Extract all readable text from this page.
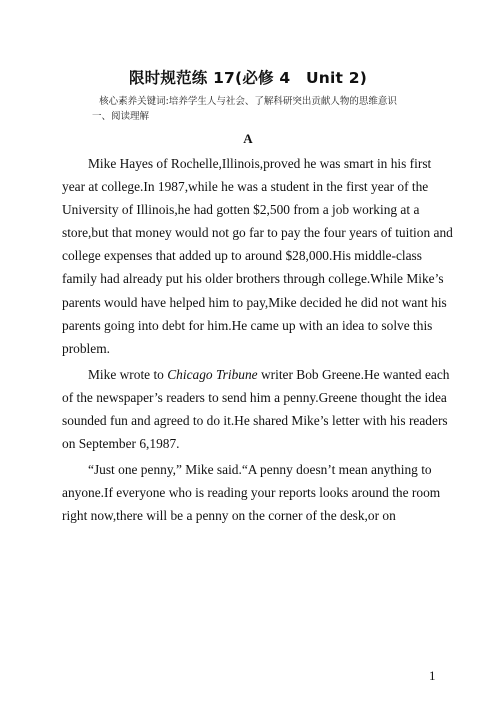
限时规范练 17(必修 4　Unit 2)
核心素养关键词:培养学生人与社会、了解科研突出贡献人物的思维意识
一、阅读理解
A

Mike Hayes of Rochelle,Illinois,proved he was smart in his first year at college.In 1987,while he was a student in the first year of the University of Illinois,he had gotten $2,500 from a job working at a store,but that money would not go far to pay the four years of tuition and college expenses that added up to around $28,000.His middle-class family had already put his older brothers through college.While Mike’s parents would have helped him to pay,Mike decided he did not want his parents going into debt for him.He came up with an idea to solve this problem.

Mike wrote to Chicago Tribune writer Bob Greene.He wanted each of the newspaper’s readers to send him a penny.Greene thought the idea sounded fun and agreed to do it.He shared Mike’s letter with his readers on September 6,1987.

“Just one penny,” Mike said.“A penny doesn’t mean anything to anyone.If everyone who is reading your reports looks around the room right now,there will be a penny on the corner of the desk,or on

1
